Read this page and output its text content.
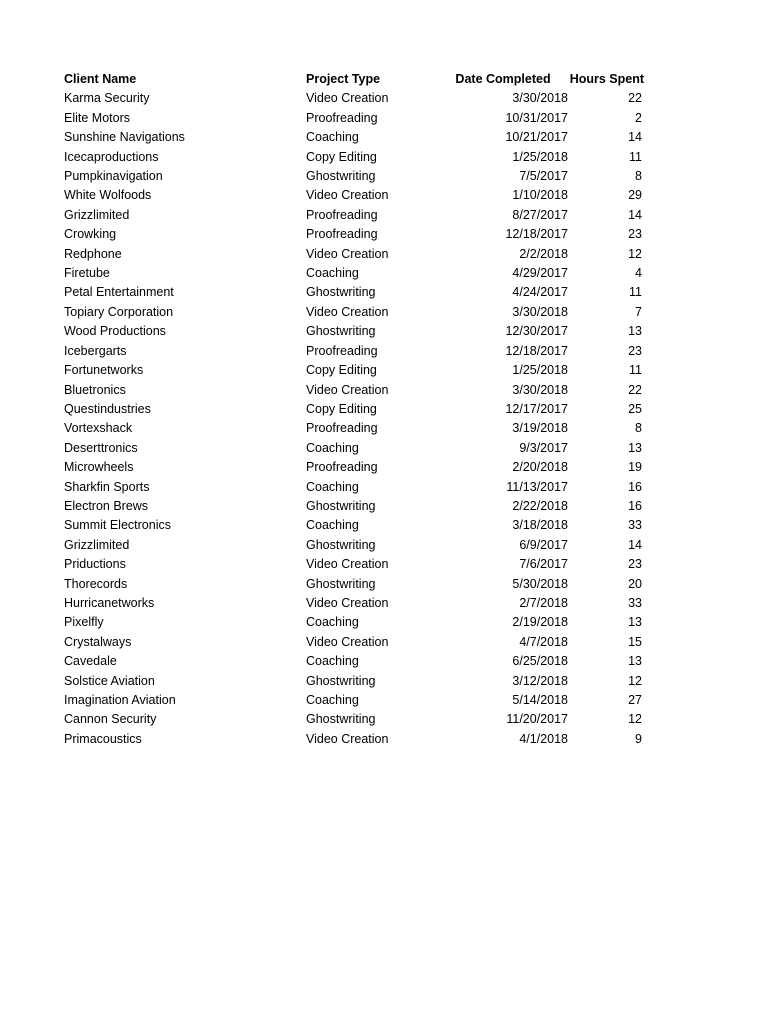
Client Name	Project Type	Date Completed	Hours Spent
Karma Security	Video Creation	3/30/2018	22
Elite Motors	Proofreading	10/31/2017	2
Sunshine Navigations	Coaching	10/21/2017	14
Icecaproductions	Copy Editing	1/25/2018	11
Pumpkinavigation	Ghostwriting	7/5/2017	8
White Wolfoods	Video Creation	1/10/2018	29
Grizzlimited	Proofreading	8/27/2017	14
Crowking	Proofreading	12/18/2017	23
Redphone	Video Creation	2/2/2018	12
Firetube	Coaching	4/29/2017	4
Petal Entertainment	Ghostwriting	4/24/2017	11
Topiary Corporation	Video Creation	3/30/2018	7
Wood Productions	Ghostwriting	12/30/2017	13
Icebergarts	Proofreading	12/18/2017	23
Fortunetworks	Copy Editing	1/25/2018	11
Bluetronics	Video Creation	3/30/2018	22
Questindustries	Copy Editing	12/17/2017	25
Vortexshack	Proofreading	3/19/2018	8
Deserttronics	Coaching	9/3/2017	13
Microwheels	Proofreading	2/20/2018	19
Sharkfin Sports	Coaching	11/13/2017	16
Electron Brews	Ghostwriting	2/22/2018	16
Summit Electronics	Coaching	3/18/2018	33
Grizzlimited	Ghostwriting	6/9/2017	14
Priductions	Video Creation	7/6/2017	23
Thorecords	Ghostwriting	5/30/2018	20
Hurricanetworks	Video Creation	2/7/2018	33
Pixelfly	Coaching	2/19/2018	13
Crystalways	Video Creation	4/7/2018	15
Cavedale	Coaching	6/25/2018	13
Solstice Aviation	Ghostwriting	3/12/2018	12
Imagination Aviation	Coaching	5/14/2018	27
Cannon Security	Ghostwriting	11/20/2017	12
Primacoustics	Video Creation	4/1/2018	9
